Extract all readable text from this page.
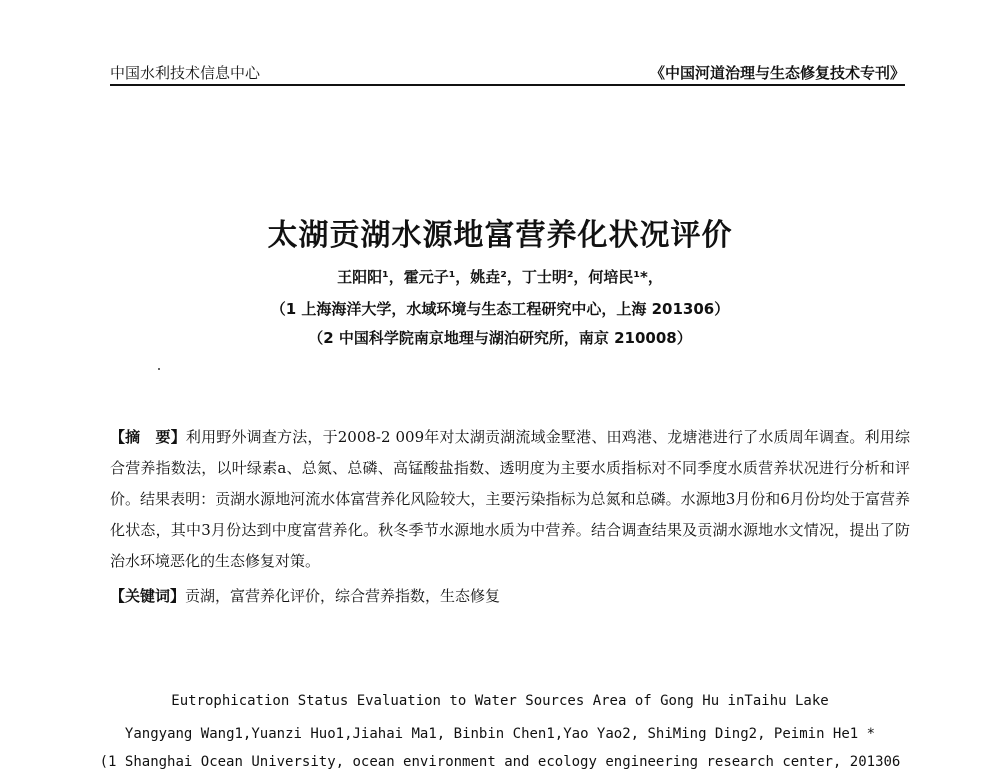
中国水利技术信息中心	《中国河道治理与生态修复技术专刊》
太湖贡湖水源地富营养化状况评价
王阳阳¹，霍元子¹，姚垚²，丁士明²，何培民¹*，
（1 上海海洋大学，水域环境与生态工程研究中心，上海 201306）
（2 中国科学院南京地理与湖泊研究所，南京 210008）
【摘　要】利用野外调查方法，于2008-2 009年对太湖贡湖流域金墅港、田鸡港、龙塘港进行了水质周年调查。利用综合营养指数法，以叶绿素a、总氮、总磷、高锰酸盐指数、透明度为主要水质指标对不同季度水质营养状况进行分析和评价。结果表明：贡湖水源地河流水体富营养化风险较大，主要污染指标为总氮和总磷。水源地3月份和6月份均处于富营养化状态，其中3月份达到中度富营养化。秋冬季节水源地水质为中营养。结合调查结果及贡湖水源地水文情况，提出了防治水环境恶化的生态修复对策。
【关键词】贡湖，富营养化评价，综合营养指数，生态修复
Eutrophication Status Evaluation to Water Sources Area of Gong Hu inTaihu Lake
Yangyang Wang1,Yuanzi Huo1,Jiahai Ma1, Binbin Chen1,Yao Yao2, ShiMing Ding2, Peimin He1 *
(1 Shanghai Ocean University, ocean environment and ecology engineering research center, 201306
